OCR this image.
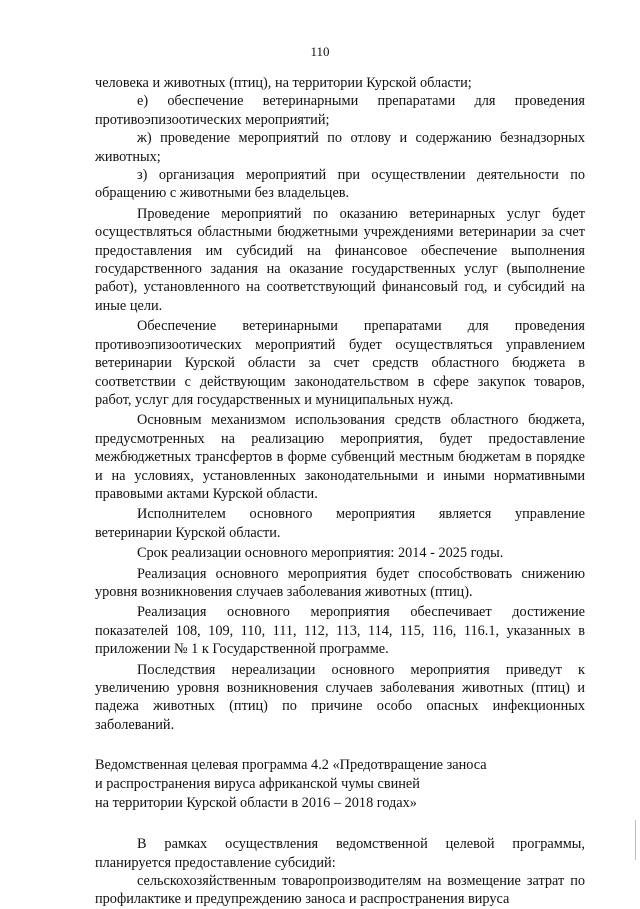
110

человека и животных (птиц), на территории Курской области;

е) обеспечение ветеринарными препаратами для проведения противоэпизоотических мероприятий;

ж) проведение мероприятий по отлову и содержанию безнадзорных животных;

з) организация мероприятий при осуществлении деятельности по обращению с животными без владельцев.

Проведение мероприятий по оказанию ветеринарных услуг будет осуществляться областными бюджетными учреждениями ветеринарии за счет предоставления им субсидий на финансовое обеспечение выполнения государственного задания на оказание государственных услуг (выполнение работ), установленного на соответствующий финансовый год, и субсидий на иные цели.

Обеспечение ветеринарными препаратами для проведения противоэпизоотических мероприятий будет осуществляться управлением ветеринарии Курской области за счет средств областного бюджета в соответствии с действующим законодательством в сфере закупок товаров, работ, услуг для государственных и муниципальных нужд.

Основным механизмом использования средств областного бюджета, предусмотренных на реализацию мероприятия, будет предоставление межбюджетных трансфертов в форме субвенций местным бюджетам в порядке и на условиях, установленных законодательными и иными нормативными правовыми актами Курской области.

Исполнителем основного мероприятия является управление ветеринарии Курской области.

Срок реализации основного мероприятия: 2014 - 2025 годы.

Реализация основного мероприятия будет способствовать снижению уровня возникновения случаев заболевания животных (птиц).

Реализация основного мероприятия обеспечивает достижение показателей 108, 109, 110, 111, 112, 113, 114, 115, 116, 116.1, указанных в приложении № 1 к Государственной программе.

Последствия нереализации основного мероприятия приведут к увеличению уровня возникновения случаев заболевания животных (птиц) и падежа животных (птиц) по причине особо опасных инфекционных заболеваний.

Ведомственная целевая программа 4.2 «Предотвращение заноса
и распространения вируса африканской чумы свиней
на территории Курской области в 2016 – 2018 годах»

В рамках осуществления ведомственной целевой программы, планируется предоставление субсидий:

сельскохозяйственным товаропроизводителям на возмещение затрат по профилактике и предупреждению заноса и распространения вируса
